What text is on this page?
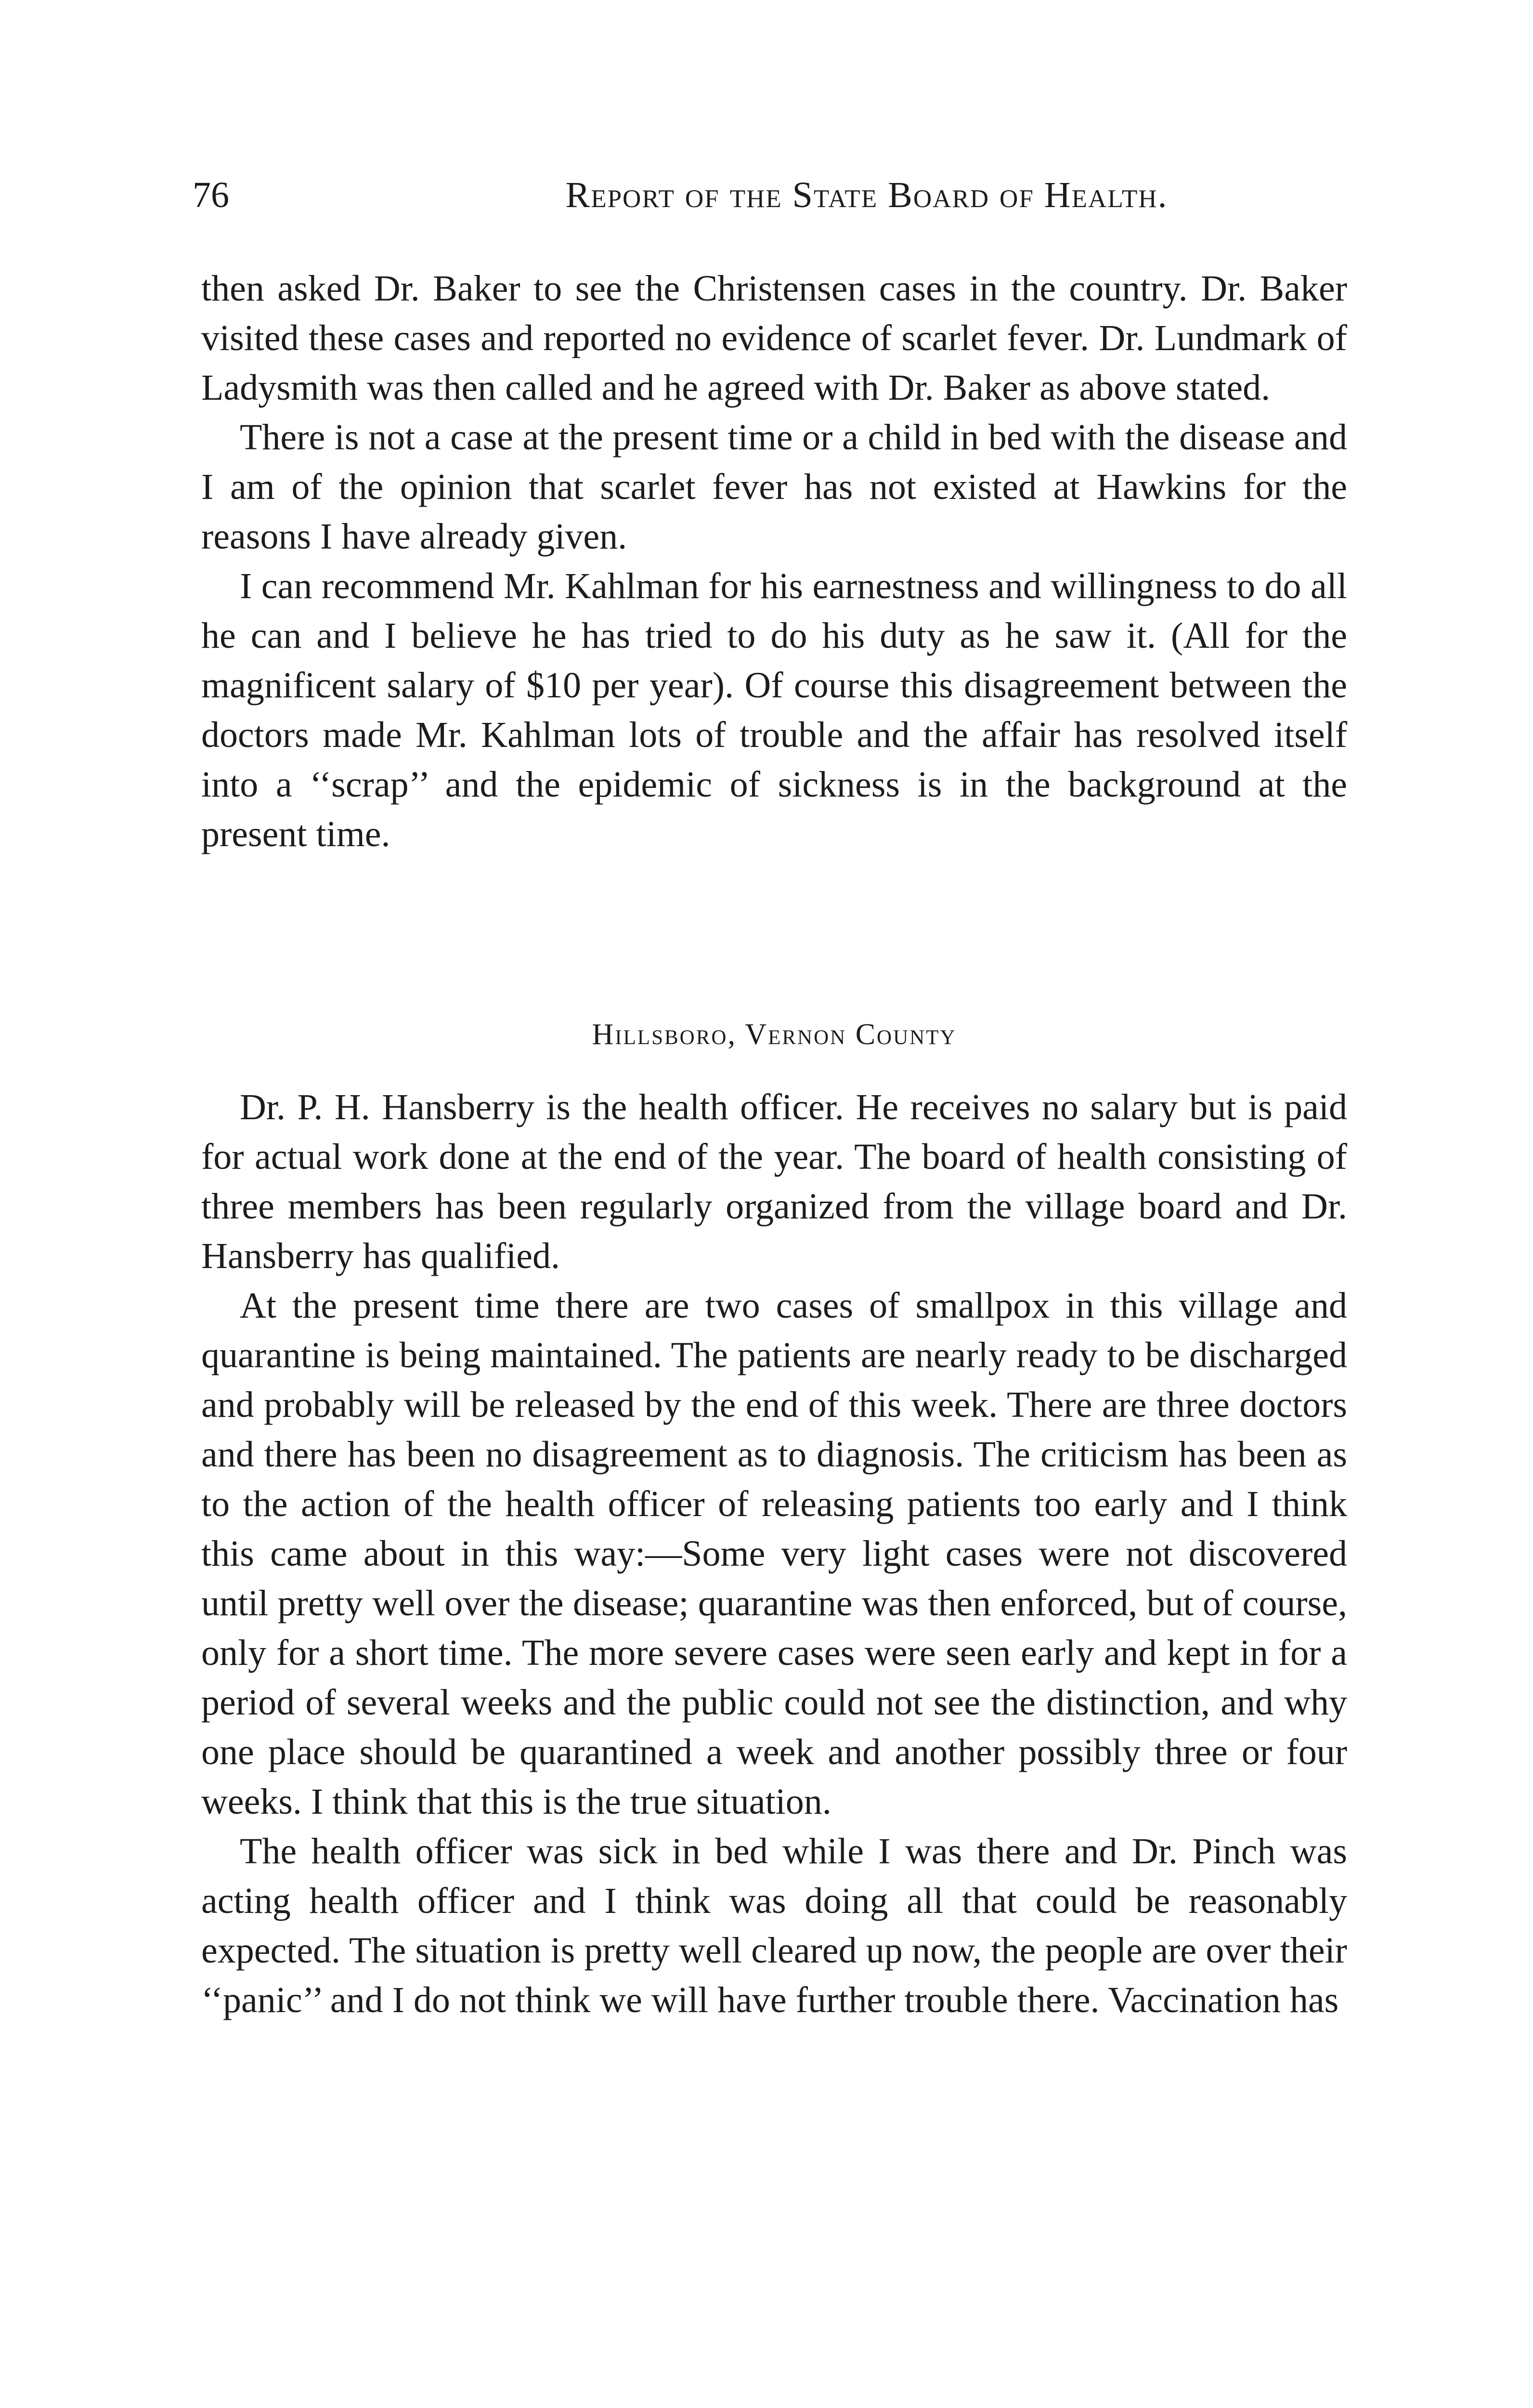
76	Report of the State Board of Health.

then asked Dr. Baker to see the Christensen cases in the country. Dr. Baker visited these cases and reported no evidence of scarlet fever. Dr. Lundmark of Ladysmith was then called and he agreed with Dr. Baker as above stated.

There is not a case at the present time or a child in bed with the disease and I am of the opinion that scarlet fever has not existed at Hawkins for the reasons I have already given.

I can recommend Mr. Kahlman for his earnestness and willingness to do all he can and I believe he has tried to do his duty as he saw it. (All for the magnificent salary of $10 per year). Of course this disagreement between the doctors made Mr. Kahlman lots of trouble and the affair has resolved itself into a ‘‘scrap’’ and the epidemic of sickness is in the background at the present time.

Hillsboro, Vernon County

Dr. P. H. Hansberry is the health officer. He receives no salary but is paid for actual work done at the end of the year. The board of health consisting of three members has been regularly organized from the village board and Dr. Hansberry has qualified.

At the present time there are two cases of smallpox in this village and quarantine is being maintained. The patients are nearly ready to be discharged and probably will be released by the end of this week. There are three doctors and there has been no disagreement as to diagnosis. The criticism has been as to the action of the health officer of releasing patients too early and I think this came about in this way:—Some very light cases were not discovered until pretty well over the disease; quarantine was then enforced, but of course, only for a short time. The more severe cases were seen early and kept in for a period of several weeks and the public could not see the distinction, and why one place should be quarantined a week and another possibly three or four weeks. I think that this is the true situation.

The health officer was sick in bed while I was there and Dr. Pinch was acting health officer and I think was doing all that could be reasonably expected. The situation is pretty well cleared up now, the people are over their ‘‘panic’’ and I do not think we will have further trouble there. Vaccination has
